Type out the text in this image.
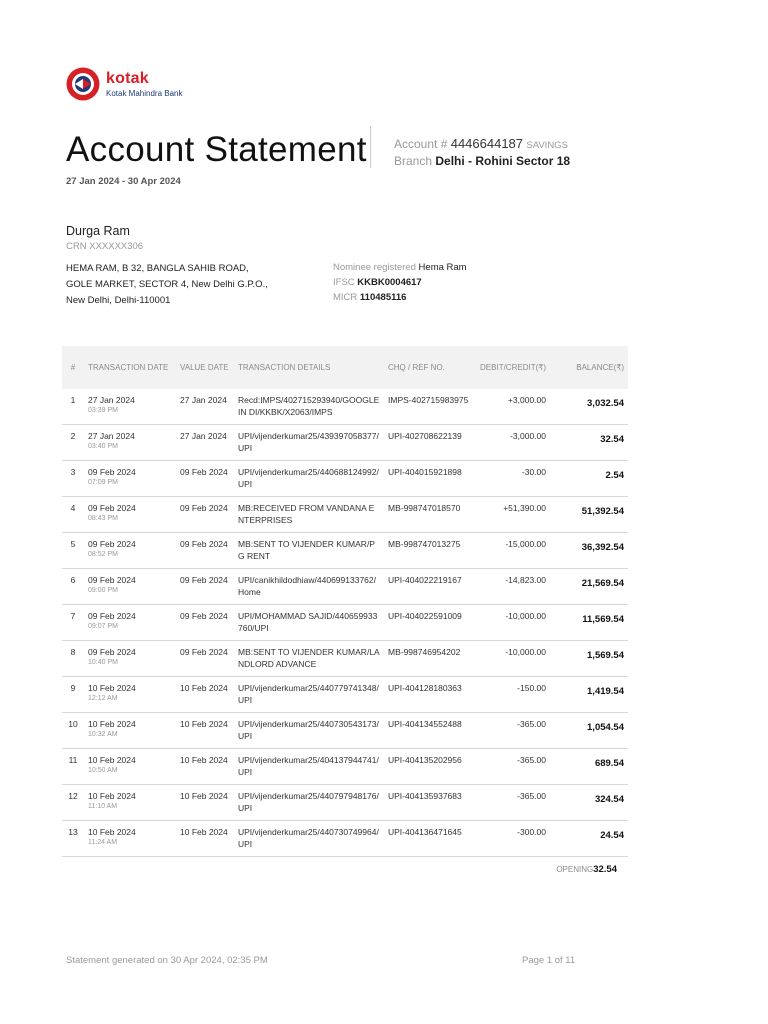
kotak
Kotak Mahindra Bank
Account Statement
27 Jan 2024 - 30 Apr 2024
Account # 4446644187 SAVINGS
Branch Delhi - Rohini Sector 18
Durga Ram
CRN XXXXXX306
HEMA RAM, B 32, BANGLA SAHIB ROAD,
GOLE MARKET, SECTOR 4, New Delhi G.P.O.,
New Delhi, Delhi-110001
Nominee registered Hema Ram
IFSC KKBK0004617
MICR 110485116
#	TRANSACTION DATE	VALUE DATE	TRANSACTION DETAILS	CHQ / REF NO.	DEBIT/CREDIT(₹)	BALANCE(₹)
1	27 Jan 2024
03:39 PM	27 Jan 2024	Recd:IMPS/402715293940/GOOGLEIN DI/KKBK/X2063/IMPS	IMPS-402715983975	+3,000.00	3,032.54
2	27 Jan 2024
03:40 PM	27 Jan 2024	UPI/vijenderkumar25/439397058377/UPI	UPI-402708622139	-3,000.00	32.54
3	09 Feb 2024
07:09 PM	09 Feb 2024	UPI/vijenderkumar25/440688124992/UPI	UPI-404015921898	-30.00	2.54
4	09 Feb 2024
08:43 PM	09 Feb 2024	MB:RECEIVED FROM VANDANA ENTERPRISES	MB-998747018570	+51,390.00	51,392.54
5	09 Feb 2024
08:52 PM	09 Feb 2024	MB:SENT TO VIJENDER KUMAR/PG RENT	MB-998747013275	-15,000.00	36,392.54
6	09 Feb 2024
09:00 PM	09 Feb 2024	UPI/canikhildodhiaw/440699133762/Home	UPI-404022219167	-14,823.00	21,569.54
7	09 Feb 2024
09:07 PM	09 Feb 2024	UPI/MOHAMMAD SAJID/440659933760/UPI	UPI-404022591009	-10,000.00	11,569.54
8	09 Feb 2024
10:40 PM	09 Feb 2024	MB:SENT TO VIJENDER KUMAR/LANDLORD ADVANCE	MB-998746954202	-10,000.00	1,569.54
9	10 Feb 2024
12:12 AM	10 Feb 2024	UPI/vijenderkumar25/440779741348/UPI	UPI-404128180363	-150.00	1,419.54
10	10 Feb 2024
10:32 AM	10 Feb 2024	UPI/vijenderkumar25/440730543173/UPI	UPI-404134552488	-365.00	1,054.54
11	10 Feb 2024
10:50 AM	10 Feb 2024	UPI/vijenderkumar25/404137944741/UPI	UPI-404135202956	-365.00	689.54
12	10 Feb 2024
11:10 AM	10 Feb 2024	UPI/vijenderkumar25/440797948176/UPI	UPI-404135937683	-365.00	324.54
13	10 Feb 2024
11:24 AM	10 Feb 2024	UPI/vijenderkumar25/440730749964/UPI	UPI-404136471645	-300.00	24.54
OPENING32.54
Statement generated on 30 Apr 2024, 02:35 PM	Page 1 of 11
